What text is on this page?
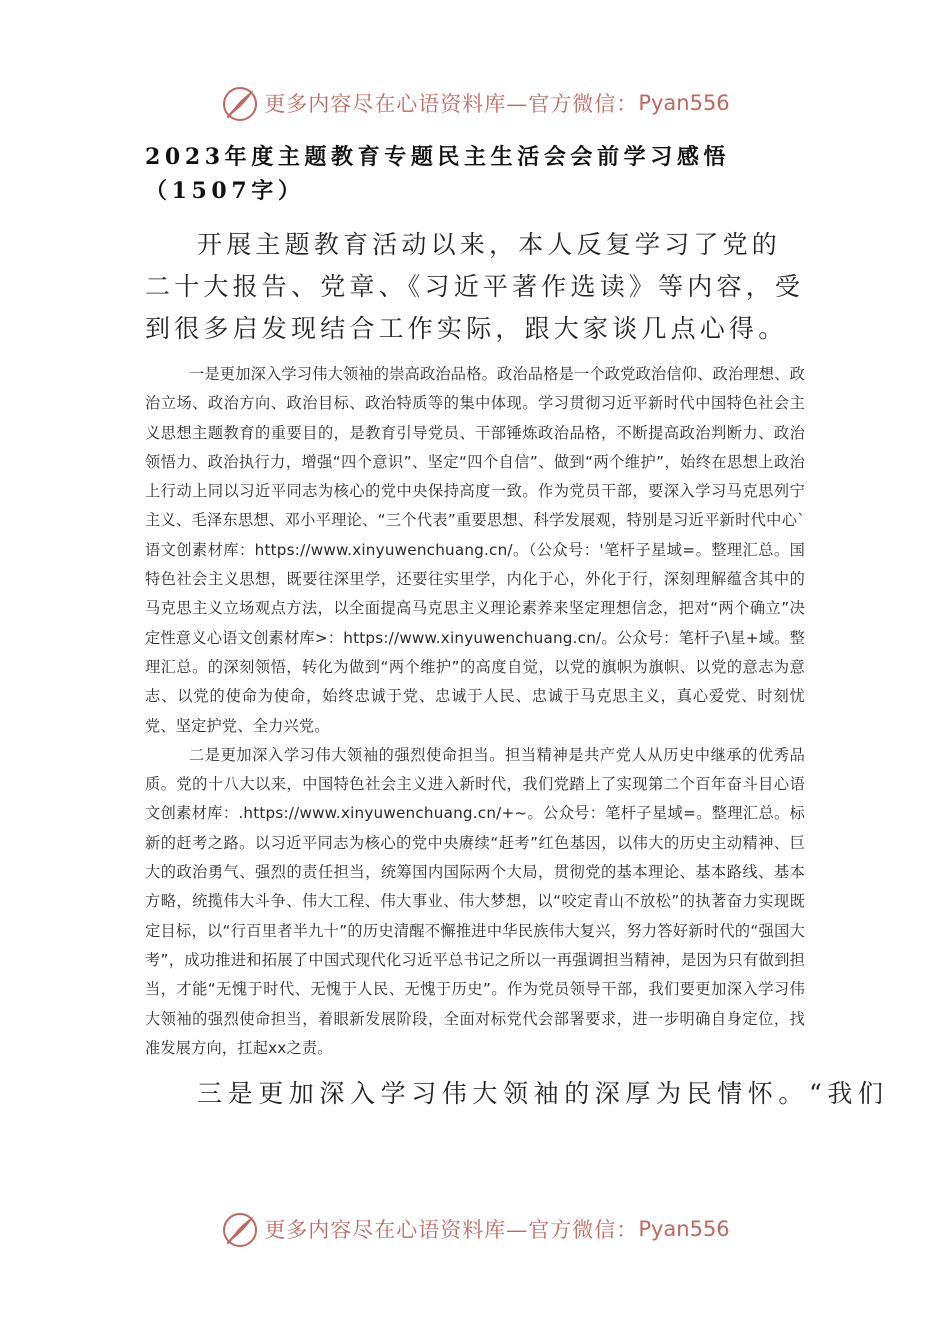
更多内容尽在心语资料库—官方微信： Pyan556
2023年度主题教育专题民主生活会会前学习感悟（1507字）

开展主题教育活动以来，本人反复学习了党的二十大报告、党章、《习近平著作选读》等内容，受到很多启发现结合工作实际，跟大家谈几点心得。

一是更加深入学习伟大领袖的崇高政治品格。政治品格是一个政党政治信仰、政治理想、政治立场、政治方向、政治目标、政治特质等的集中体现。学习贯彻习近平新时代中国特色社会主义思想主题教育的重要目的，是教育引导党员、干部锤炼政治品格，不断提高政治判断力、政治领悟力、政治执行力，增强“四个意识”、坚定“四个自信”、做到“两个维护”，始终在思想上政治上行动上同以习近平同志为核心的党中央保持高度一致。作为党员干部，要深入学习马克思列宁主义、毛泽东思想、邓小平理论、“三个代表”重要思想、科学发展观，特别是习近平新时代中心`语文创素材库：https://www.xinyuwenchuang.cn/。（公众号：'笔杆子星域=。整理汇总。国特色社会主义思想，既要往深里学，还要往实里学，内化于心，外化于行，深刻理解蕴含其中的马克思主义立场观点方法，以全面提高马克思主义理论素养来坚定理想信念，把对“两个确立”决定性意义心语文创素材库>：https://www.xinyuwenchuang.cn/。公众号：笔杆子\星+域。整理汇总。的深刻领悟，转化为做到“两个维护”的高度自觉，以党的旗帜为旗帜、以党的意志为意志、以党的使命为使命，始终忠诚于党、忠诚于人民、忠诚于马克思主义，真心爱党、时刻忧党、坚定护党、全力兴党。

二是更加深入学习伟大领袖的强烈使命担当。担当精神是共产党人从历史中继承的优秀品质。党的十八大以来，中国特色社会主义进入新时代，我们党踏上了实现第二个百年奋斗目心语文创素材库：.https://www.xinyuwenchuang.cn/+~。公众号：笔杆子星域=。整理汇总。标新的赶考之路。以习近平同志为核心的党中央赓续“赶考”红色基因，以伟大的历史主动精神、巨大的政治勇气、强烈的责任担当，统筹国内国际两个大局，贯彻党的基本理论、基本路线、基本方略，统揽伟大斗争、伟大工程、伟大事业、伟大梦想，以“咬定青山不放松”的执著奋力实现既定目标，以“行百里者半九十”的历史清醒不懈推进中华民族伟大复兴，努力答好新时代的“强国大考”，成功推进和拓展了中国式现代化习近平总书记之所以一再强调担当精神，是因为只有做到担当，才能“无愧于时代、无愧于人民、无愧于历史”。作为党员领导干部，我们要更加深入学习伟大领袖的强烈使命担当，着眼新发展阶段，全面对标党代会部署要求，进一步明确自身定位，找准发展方向，扛起xx之责。

三是更加深入学习伟大领袖的深厚为民情怀。“我们

更多内容尽在心语资料库—官方微信： Pyan556
